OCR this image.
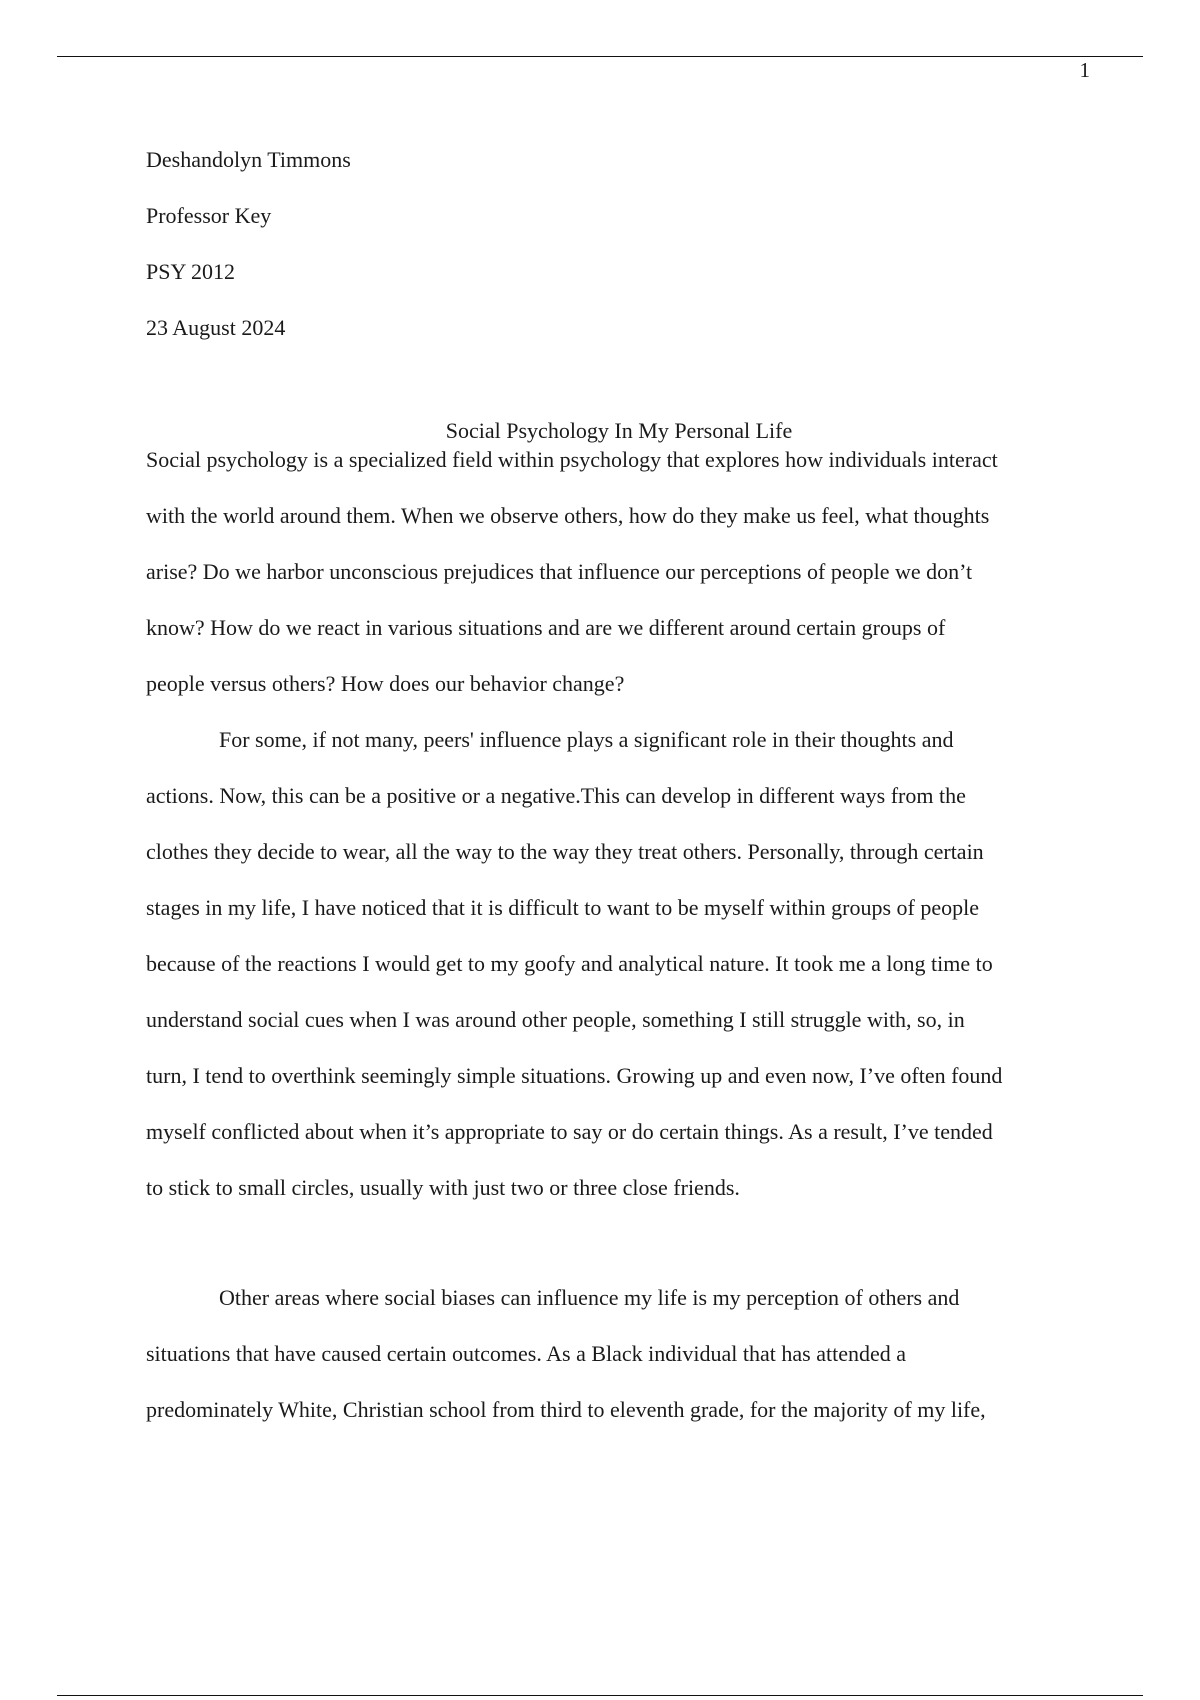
1
Deshandolyn Timmons
Professor Key
PSY 2012
23 August 2024
Social Psychology In My Personal Life
Social psychology is a specialized field within psychology that explores how individuals interact
with the world around them. When we observe others, how do they make us feel, what thoughts
arise? Do we harbor unconscious prejudices that influence our perceptions of people we don’t
know? How do we react in various situations and are we different around certain groups of
people versus others? How does our behavior change?
For some, if not many, peers' influence plays a significant role in their thoughts and
actions. Now, this can be a positive or a negative.This can develop in different ways from the
clothes they decide to wear, all the way to the way they treat others. Personally, through certain
stages in my life, I have noticed that it is difficult to want to be myself within groups of people
because of the reactions I would get to my goofy and analytical nature. It took me a long time to
understand social cues when I was around other people, something I still struggle with, so, in
turn, I tend to overthink seemingly simple situations. Growing up and even now, I’ve often found
myself conflicted about when it’s appropriate to say or do certain things. As a result, I’ve tended
to stick to small circles, usually with just two or three close friends.
Other areas where social biases can influence my life is my perception of others and
situations that have caused certain outcomes. As a Black individual that has attended a
predominately White, Christian school from third to eleventh grade, for the majority of my life,
